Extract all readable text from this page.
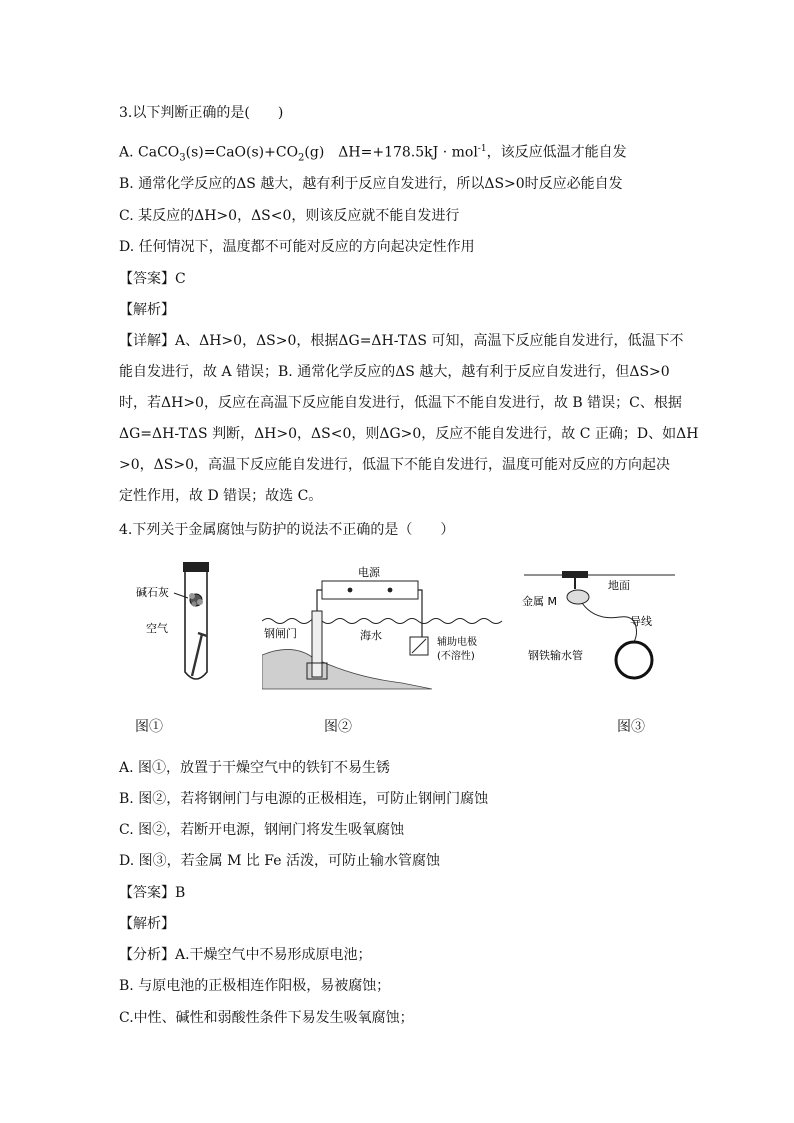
3.以下判断正确的是(　　)
A. $CaCO_3(s)=CaO(s)+CO_2(g)$　ΔH=+178.5kJ · mol$^{-1}$，该反应低温才能自发
B. 通常化学反应的ΔS 越大，越有利于反应自发进行，所以ΔS>0时反应必能自发
C. 某反应的ΔH>0，ΔS<0，则该反应就不能自发进行
D. 任何情况下，温度都不可能对反应的方向起决定性作用
【答案】C
【解析】
【详解】A、ΔH>0，ΔS>0，根据ΔG=ΔH-TΔS 可知，高温下反应能自发进行，低温下不
能自发进行，故 A 错误；B. 通常化学反应的ΔS 越大，越有利于反应自发进行，但ΔS>0
时，若ΔH>0，反应在高温下反应能自发进行，低温下不能自发进行，故 B 错误；C、根据
ΔG=ΔH-TΔS 判断，ΔH>0，ΔS<0，则ΔG>0，反应不能自发进行，故 C 正确；D、如ΔH
>0，ΔS>0，高温下反应能自发进行，低温下不能自发进行，温度可能对反应的方向起决
定性作用，故 D 错误；故选 C。
4.下列关于金属腐蚀与防护的说法不正确的是（　　）
碱石灰
空气
图①
电源
钢闸门	海水
辅助电极
(不溶性)
图②
地面
金属 M
导线
钢铁输水管
图③
A. 图①，放置于干燥空气中的铁钉不易生锈
B. 图②，若将钢闸门与电源的正极相连，可防止钢闸门腐蚀
C. 图②，若断开电源，钢闸门将发生吸氧腐蚀
D. 图③，若金属 M 比 Fe 活泼，可防止输水管腐蚀
【答案】B
【解析】
【分析】A.干燥空气中不易形成原电池；
B. 与原电池的正极相连作阳极，易被腐蚀；
C.中性、碱性和弱酸性条件下易发生吸氧腐蚀；
